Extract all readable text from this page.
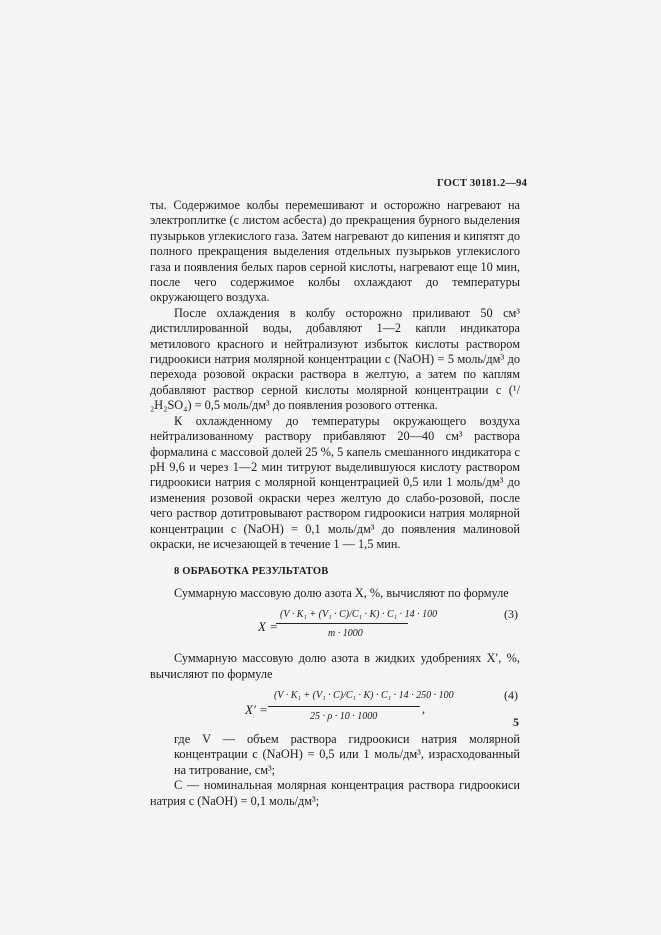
ГОСТ 30181.2—94

ты. Содержимое колбы перемешивают и осторожно нагревают на электроплитке (с листом асбеста) до прекращения бурного выделения пузырьков углекислого газа. Затем нагревают до кипения и кипятят до полного прекращения выделения отдельных пузырьков углекислого газа и появления белых паров серной кислоты, нагревают еще 10 мин, после чего содержимое колбы охлаждают до температуры окружающего воздуха.

После охлаждения в колбу осторожно приливают 50 см³ дистиллированной воды, добавляют 1—2 капли индикатора метилового красного и нейтрализуют избыток кислоты раствором гидроокиси натрия молярной концентрации с (NaOH) = 5 моль/дм³ до перехода розовой окраски раствора в желтую, а затем по каплям добавляют раствор серной кислоты молярной концентрации с (¹/₂H₂SO₄) = 0,5 моль/дм³ до появления розового оттенка.

К охлажденному до температуры окружающего воздуха нейтрализованному раствору прибавляют 20—40 см³ раствора формалина с массовой долей 25 %, 5 капель смешанного индикатора с pH 9,6 и через 1—2 мин титруют выделившуюся кислоту раствором гидроокиси натрия с молярной концентрацией 0,5 или 1 моль/дм³ до изменения розовой окраски через желтую до слабо-розовой, после чего раствор дотитровывают раствором гидроокиси натрия молярной концентрации с (NaOH) = 0,1 моль/дм³ до появления малиновой окраски, не исчезающей в течение 1 — 1,5 мин.

8 ОБРАБОТКА РЕЗУЛЬТАТОВ

Суммарную массовую долю азота X, %, вычисляют по формуле

X =
(V · K₁ + (V₁ · C)/C₁ · K) · C₁ · 14 · 100
m · 1000
(3)

Суммарную массовую долю азота в жидких удобрениях X′, %, вычисляют по формуле

X′ =
(V · K₁ + (V₁ · C)/C₁ · K) · C₁ · 14 · 250 · 100
25 · ρ · 10 · 1000
,
(4)

где V — объем раствора гидроокиси натрия молярной концентрации с (NaOH) = 0,5 или 1 моль/дм³, израсходованный на титрование, см³;

C — номинальная молярная концентрация раствора гидроокиси натрия с (NaOH) = 0,1 моль/дм³;

5
